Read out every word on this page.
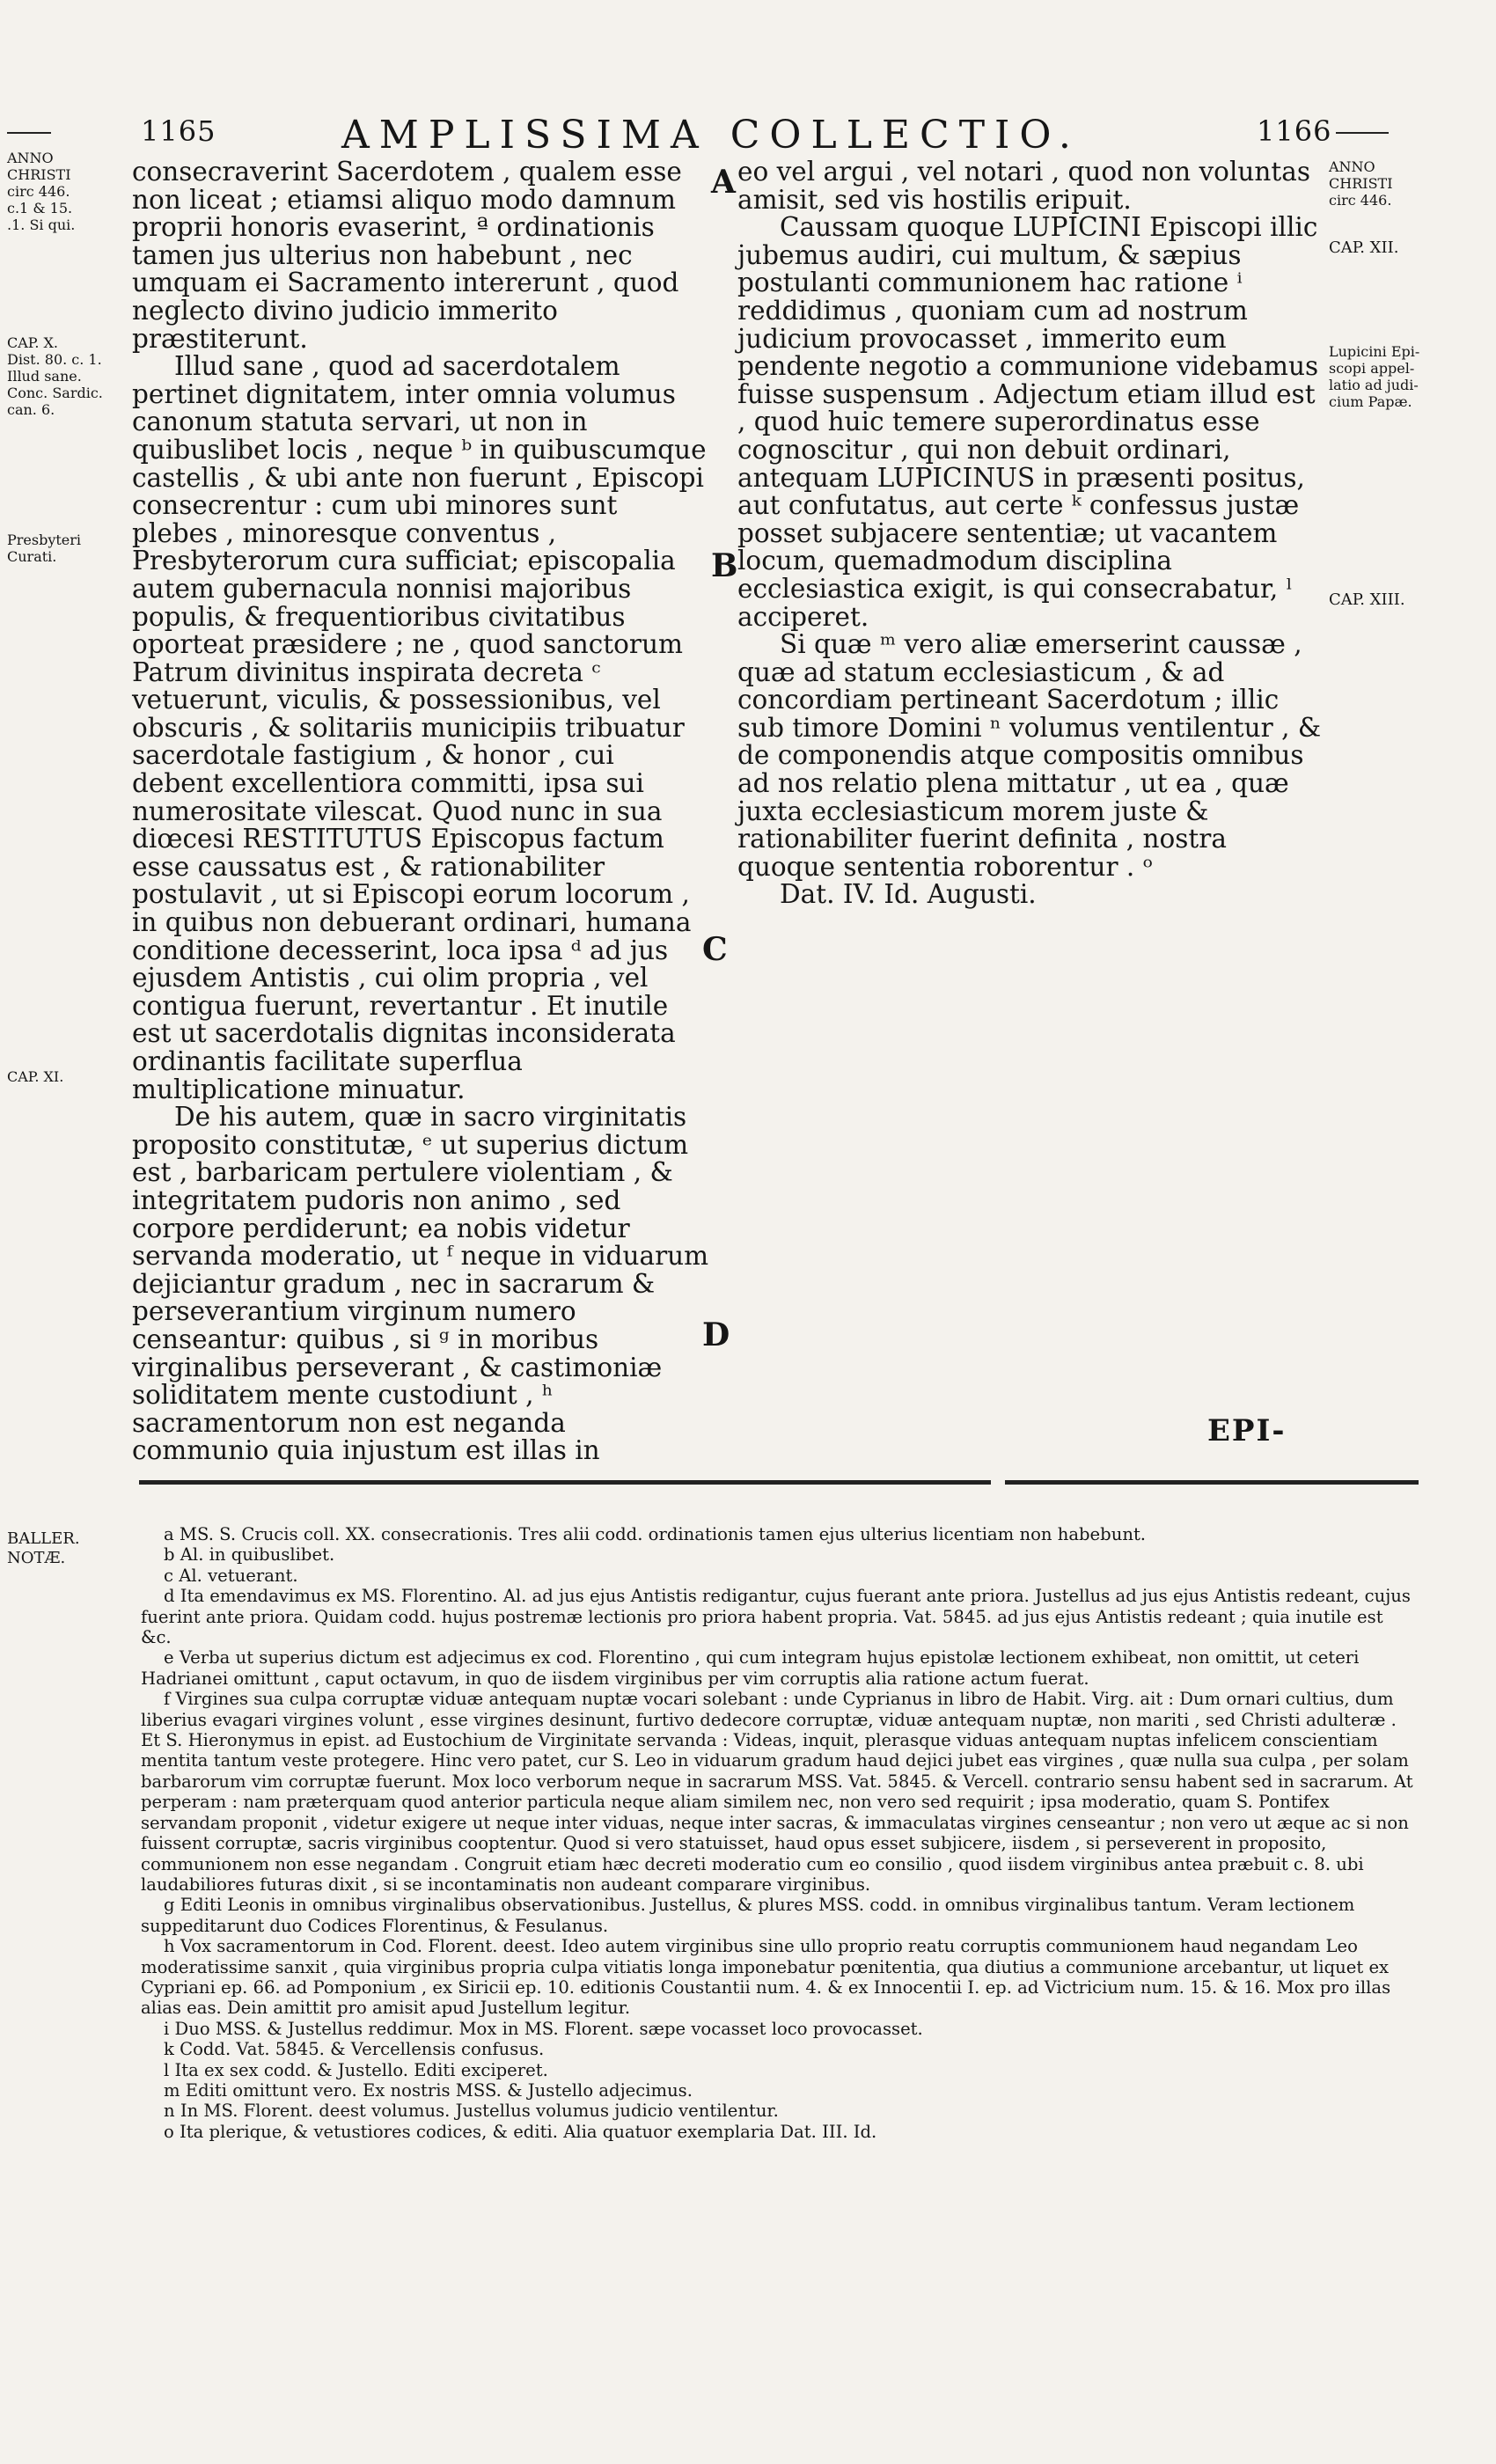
1165	AMPLISSIMA COLLECTIO.	1166
ANNO
CHRISTI
circ 446.
c.1 & 15.
.1. Si qui.
CAP. X.
Dist. 80. c. 1.
Illud sane.
Conc. Sardic.
can. 6.
Presbyteri
Curati.
CAP. XI.
ANNO
CHRISTI
circ 446.
CAP. XII.
Lupicini Epi-
scopi appel-
latio ad judi-
cium Papæ.
CAP. XIII.
A
B
C
D

consecraverint Sacerdotem , qualem esse non liceat ; etiamsi aliquo modo damnum proprii honoris evaserint, ª ordinationis tamen jus ulterius non habebunt , nec umquam ei Sacramento intererunt , quod neglecto divino judicio immerito præstiterunt.

Illud sane , quod ad sacerdotalem pertinet dignitatem, inter omnia volumus canonum statuta servari, ut non in quibuslibet locis , neque ᵇ in quibuscumque castellis , & ubi ante non fuerunt , Episcopi consecrentur : cum ubi minores sunt plebes , minoresque conventus , Presbyterorum cura sufficiat; episcopalia autem gubernacula nonnisi majoribus populis, & frequentioribus civitatibus oporteat præsidere ; ne , quod sanctorum Patrum divinitus inspirata decreta ᶜ vetuerunt, viculis, & possessionibus, vel obscuris , & solitariis municipiis tribuatur sacerdotale fastigium , & honor , cui debent excellentiora committi, ipsa sui numerositate vilescat. Quod nunc in sua diœcesi RESTITUTUS Episcopus factum esse caussatus est , & rationabiliter postulavit , ut si Episcopi eorum locorum , in quibus non debuerant ordinari, humana conditione decesserint, loca ipsa ᵈ ad jus ejusdem Antistis , cui olim propria , vel contigua fuerunt, revertantur . Et inutile est ut sacerdotalis dignitas inconsiderata ordinantis facilitate superflua multiplicatione minuatur.

De his autem, quæ in sacro virginitatis proposito constitutæ, ᵉ ut superius dictum est , barbaricam pertulere violentiam , & integritatem pudoris non animo , sed corpore perdiderunt; ea nobis videtur servanda moderatio, ut ᶠ neque in viduarum dejiciantur gradum , nec in sacrarum & perseverantium virginum numero censeantur: quibus , si ᵍ in moribus virginalibus perseverant , & castimoniæ soliditatem mente custodiunt , ʰ sacramentorum non est neganda communio quia injustum est illas in

eo vel argui , vel notari , quod non voluntas amisit, sed vis hostilis eripuit.

Caussam quoque LUPICINI Episcopi illic jubemus audiri, cui multum, & sæpius postulanti communionem hac ratione ⁱ reddidimus , quoniam cum ad nostrum judicium provocasset , immerito eum pendente negotio a communione videbamus fuisse suspensum . Adjectum etiam illud est , quod huic temere superordinatus esse cognoscitur , qui non debuit ordinari, antequam LUPICINUS in præsenti positus, aut confutatus, aut certe ᵏ confessus justæ posset subjacere sententiæ; ut vacantem locum, quemadmodum disciplina ecclesiastica exigit, is qui consecrabatur, ˡ acciperet.

Si quæ ᵐ vero aliæ emerserint caussæ , quæ ad statum ecclesiasticum , & ad concordiam pertineant Sacerdotum ; illic sub timore Domini ⁿ volumus ventilentur , & de componendis atque compositis omnibus ad nos relatio plena mittatur , ut ea , quæ juxta ecclesiasticum morem juste & rationabiliter fuerint definita , nostra quoque sententia roborentur . ᵒ

Dat. IV. Id. Augusti.

EPI-
BALLER.
NOTÆ.

a MS. S. Crucis coll. XX. consecrationis. Tres alii codd. ordinationis tamen ejus ulterius licentiam non habebunt.

b Al. in quibuslibet.

c Al. vetuerant.

d Ita emendavimus ex MS. Florentino. Al. ad jus ejus Antistis redigantur, cujus fuerant ante priora. Justellus ad jus ejus Antistis redeant, cujus fuerint ante priora. Quidam codd. hujus postremæ lectionis pro priora habent propria. Vat. 5845. ad jus ejus Antistis redeant ; quia inutile est &c.

e Verba ut superius dictum est adjecimus ex cod. Florentino , qui cum integram hujus epistolæ lectionem exhibeat, non omittit, ut ceteri Hadrianei omittunt , caput octavum, in quo de iisdem virginibus per vim corruptis alia ratione actum fuerat.

f Virgines sua culpa corruptæ viduæ antequam nuptæ vocari solebant : unde Cyprianus in libro de Habit. Virg. ait : Dum ornari cultius, dum liberius evagari virgines volunt , esse virgines desinunt, furtivo dedecore corruptæ, viduæ antequam nuptæ, non mariti , sed Christi adulteræ . Et S. Hieronymus in epist. ad Eustochium de Virginitate servanda : Videas, inquit, plerasque viduas antequam nuptas infelicem conscientiam mentita tantum veste protegere. Hinc vero patet, cur S. Leo in viduarum gradum haud dejici jubet eas virgines , quæ nulla sua culpa , per solam barbarorum vim corruptæ fuerunt. Mox loco verborum neque in sacrarum MSS. Vat. 5845. & Vercell. contrario sensu habent sed in sacrarum. At perperam : nam præterquam quod anterior particula neque aliam similem nec, non vero sed requirit ; ipsa moderatio, quam S. Pontifex servandam proponit , videtur exigere ut neque inter viduas, neque inter sacras, & immaculatas virgines censeantur ; non vero ut æque ac si non fuissent corruptæ, sacris virginibus cooptentur. Quod si vero statuisset, haud opus esset subjicere, iisdem , si perseverent in proposito, communionem non esse negandam . Congruit etiam hæc decreti moderatio cum eo consilio , quod iisdem virginibus antea præbuit c. 8. ubi laudabiliores futuras dixit , si se incontaminatis non audeant comparare virginibus.

g Editi Leonis in omnibus virginalibus observationibus. Justellus, & plures MSS. codd. in omnibus virginalibus tantum. Veram lectionem suppeditarunt duo Codices Florentinus, & Fesulanus.

h Vox sacramentorum in Cod. Florent. deest. Ideo autem virginibus sine ullo proprio reatu corruptis communionem haud negandam Leo moderatissime sanxit , quia virginibus propria culpa vitiatis longa imponebatur pœnitentia, qua diutius a communione arcebantur, ut liquet ex Cypriani ep. 66. ad Pomponium , ex Siricii ep. 10. editionis Coustantii num. 4. & ex Innocentii I. ep. ad Victricium num. 15. & 16. Mox pro illas alias eas. Dein amittit pro amisit apud Justellum legitur.

i Duo MSS. & Justellus reddimur. Mox in MS. Florent. sæpe vocasset loco provocasset.

k Codd. Vat. 5845. & Vercellensis confusus.

l Ita ex sex codd. & Justello. Editi exciperet.

m Editi omittunt vero. Ex nostris MSS. & Justello adjecimus.

n In MS. Florent. deest volumus. Justellus volumus judicio ventilentur.

o Ita plerique, & vetustiores codices, & editi. Alia quatuor exemplaria Dat. III. Id.
